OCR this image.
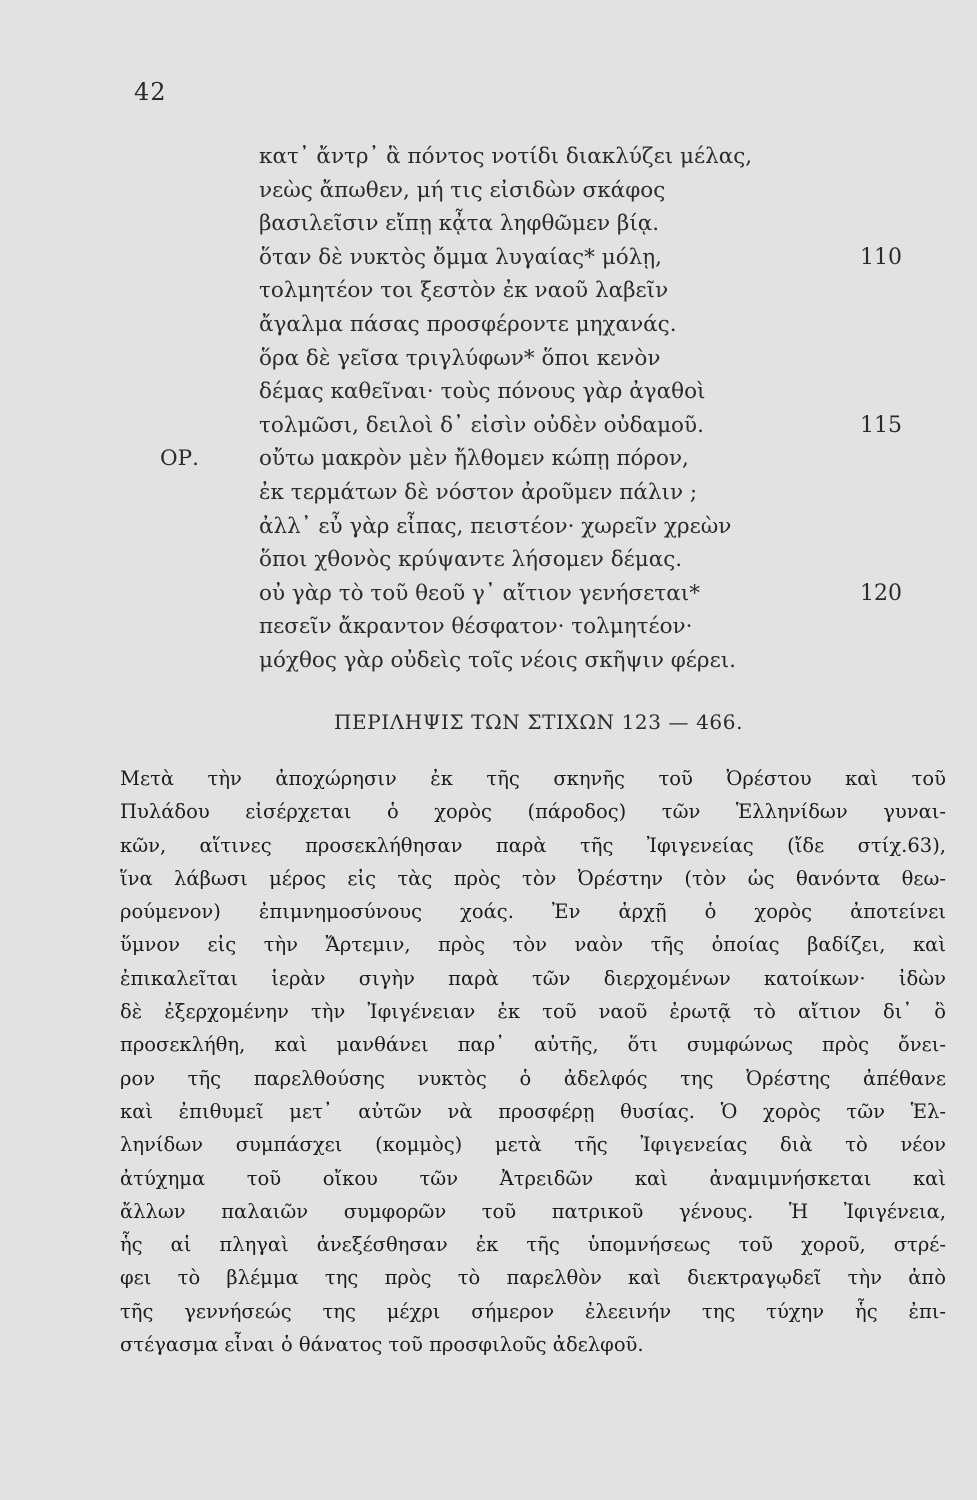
42
κατ᾽ ἄντρ᾽ ἃ πόντος νοτίδι διακλύζει μέλας,
νεὼς ἄπωθεν, μή τις εἰσιδὼν σκάφος
βασιλεῖσιν εἴπῃ κᾆτα ληφθῶμεν βίᾳ.
ὅταν δὲ νυκτὸς ὄμμα λυγαίας* μόλῃ,	110
τολμητέον τοι ξεστὸν ἐκ ναοῦ λαβεῖν
ἄγαλμα πάσας προσφέροντε μηχανάς.
ὅρα δὲ γεῖσα τριγλύφων* ὅποι κενὸν
δέμας καθεῖναι· τοὺς πόνους γὰρ ἀγαθοὶ
τολμῶσι, δειλοὶ δ᾽ εἰσὶν οὐδὲν οὐδαμοῦ.	115
ΟΡ.	οὔτω μακρὸν μὲν ἤλθομεν κώπῃ πόρον,
ἐκ τερμάτων δὲ νόστον ἀροῦμεν πάλιν ;
ἀλλ᾽ εὖ γὰρ εἶπας, πειστέον· χωρεῖν χρεὼν
ὅποι χθονὸς κρύψαντε λήσομεν δέμας.
οὐ γὰρ τὸ τοῦ θεοῦ γ᾽ αἴτιον γενήσεται*	120
πεσεῖν ἄκραντον θέσφατον· τολμητέον·
μόχθος γὰρ οὐδεὶς τοῖς νέοις σκῆψιν φέρει.
ΠΕΡΙΛΗΨΙΣ ΤΩΝ ΣΤΙΧΩΝ 123 — 466.
Μετὰ τὴν ἀποχώρησιν ἐκ τῆς σκηνῆς τοῦ Ὀρέστου καὶ τοῦ
Πυλάδου εἰσέρχεται ὁ χορὸς (πάροδος) τῶν Ἑλληνίδων γυναι-
κῶν, αἵτινες προσεκλήθησαν παρὰ τῆς Ἰφιγενείας (ἴδε στίχ.63),
ἵνα λάβωσι μέρος εἰς τὰς πρὸς τὸν Ὀρέστην (τὸν ὡς θανόντα θεω-
ρούμενον) ἐπιμνημοσύνους χοάς. Ἐν ἀρχῇ ὁ χορὸς ἀποτείνει
ὕμνον εἰς τὴν Ἄρτεμιν, πρὸς τὸν ναὸν τῆς ὁποίας βαδίζει, καὶ
ἐπικαλεῖται ἱερὰν σιγὴν παρὰ τῶν διερχομένων κατοίκων· ἰδὼν
δὲ ἐξερχομένην τὴν Ἰφιγένειαν ἐκ τοῦ ναοῦ ἐρωτᾷ τὸ αἴτιον δι᾽ ὃ
προσεκλήθη, καὶ μανθάνει παρ᾽ αὐτῆς, ὅτι συμφώνως πρὸς ὄνει-
ρον τῆς παρελθούσης νυκτὸς ὁ ἀδελφός της Ὀρέστης ἀπέθανε
καὶ ἐπιθυμεῖ μετ᾽ αὐτῶν νὰ προσφέρῃ θυσίας. Ὁ χορὸς τῶν Ἑλ-
ληνίδων συμπάσχει (κομμὸς) μετὰ τῆς Ἰφιγενείας διὰ τὸ νέον
ἀτύχημα τοῦ οἴκου τῶν Ἀτρειδῶν καὶ ἀναμιμνήσκεται καὶ
ἄλλων παλαιῶν συμφορῶν τοῦ πατρικοῦ γένους. Ἡ Ἰφιγένεια,
ἧς αἱ πληγαὶ ἀνεξέσθησαν ἐκ τῆς ὑπομνήσεως τοῦ χοροῦ, στρέ-
φει τὸ βλέμμα της πρὸς τὸ παρελθὸν καὶ διεκτραγῳδεῖ τὴν ἀπὸ
τῆς γεννήσεώς της μέχρι σήμερον ἐλεεινήν της τύχην ἧς ἐπι-
στέγασμα εἶναι ὁ θάνατος τοῦ προσφιλοῦς ἀδελφοῦ.
